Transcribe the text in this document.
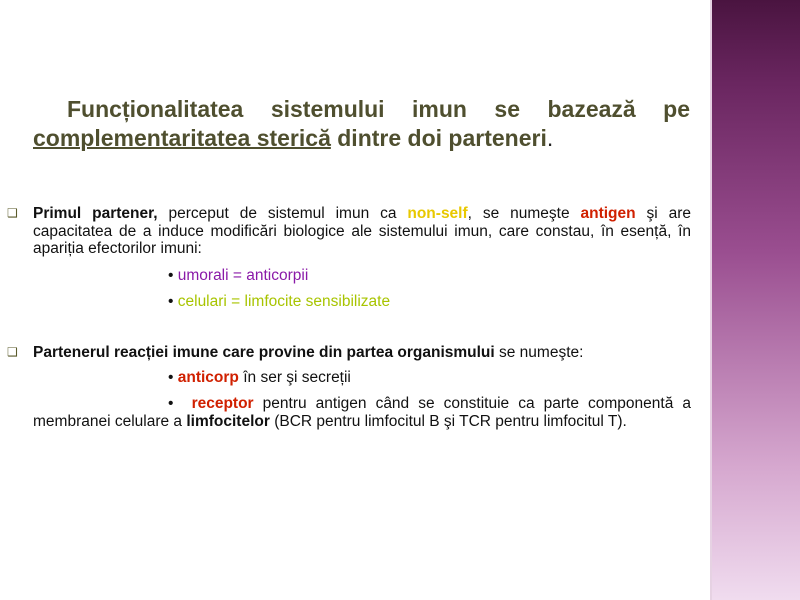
Funcționalitatea sistemului imun se bazează pe complementaritatea sterică dintre doi parteneri.
❑ Primul partener, perceput de sistemul imun ca non-self, se numeşte antigen şi are capacitatea de a induce modificări biologice ale sistemului imun, care constau, în esență, în apariția efectorilor imuni:
• umorali = anticorpii
• celulari = limfocite sensibilizate
❑ Partenerul reacției imune care provine din partea organismului se numeşte:
• anticorp în ser şi secreții
• receptor pentru antigen când se constituie ca parte componentă a membranei celulare a limfocitelor (BCR pentru limfocitul B şi TCR pentru limfocitul T).
